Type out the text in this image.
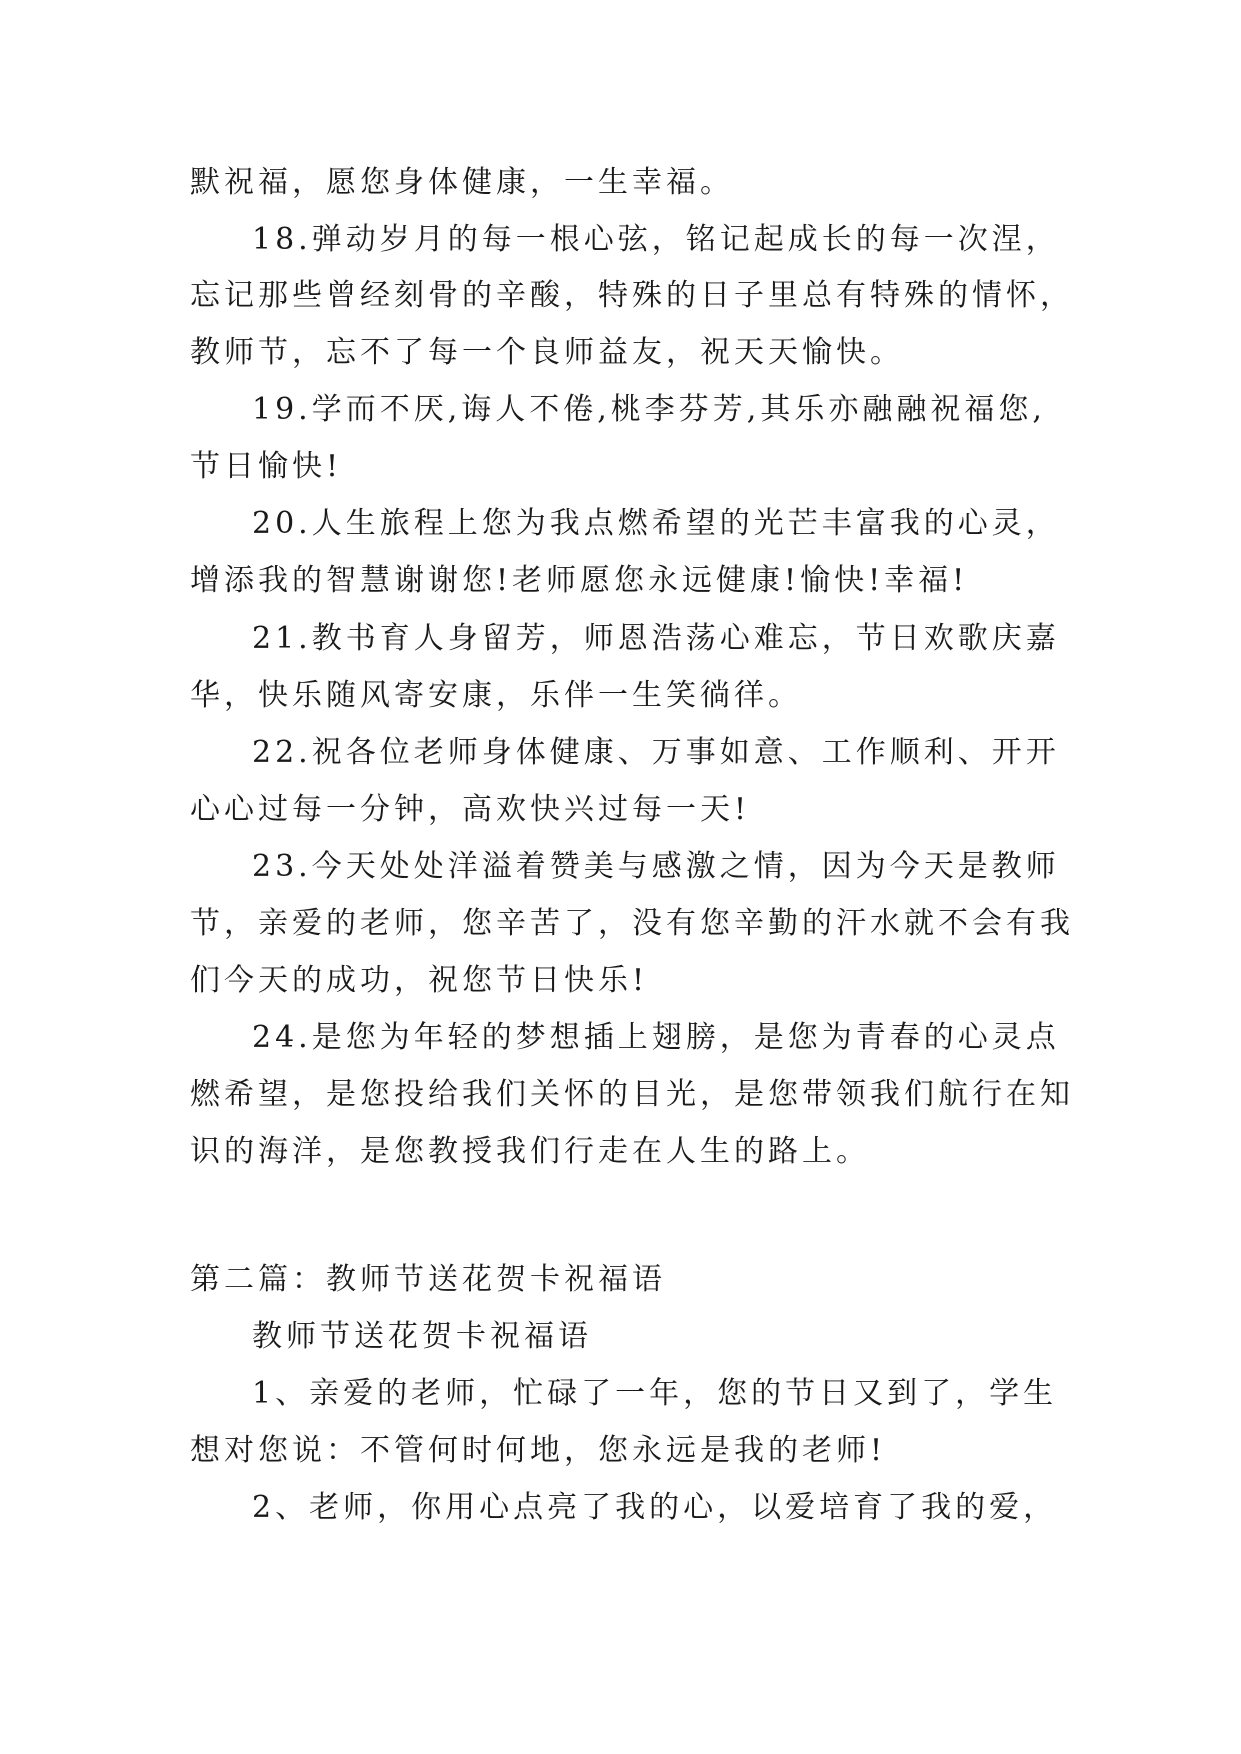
默祝福，愿您身体健康，一生幸福。
18.弹动岁月的每一根心弦，铭记起成长的每一次涅，
忘记那些曾经刻骨的辛酸，特殊的日子里总有特殊的情怀，
教师节，忘不了每一个良师益友，祝天天愉快。
19.学而不厌,诲人不倦,桃李芬芳,其乐亦融融祝福您,
节日愉快!
20.人生旅程上您为我点燃希望的光芒丰富我的心灵，
增添我的智慧谢谢您!老师愿您永远健康!愉快!幸福!
21.教书育人身留芳，师恩浩荡心难忘，节日欢歌庆嘉
华，快乐随风寄安康，乐伴一生笑徜徉。
22.祝各位老师身体健康、万事如意、工作顺利、开开
心心过每一分钟，高欢快兴过每一天!
23.今天处处洋溢着赞美与感激之情，因为今天是教师
节，亲爱的老师，您辛苦了，没有您辛勤的汗水就不会有我
们今天的成功，祝您节日快乐!
24.是您为年轻的梦想插上翅膀，是您为青春的心灵点
燃希望，是您投给我们关怀的目光，是您带领我们航行在知
识的海洋，是您教授我们行走在人生的路上。
第二篇：教师节送花贺卡祝福语
教师节送花贺卡祝福语
1、亲爱的老师，忙碌了一年，您的节日又到了，学生
想对您说：不管何时何地，您永远是我的老师!
2、老师，你用心点亮了我的心，以爱培育了我的爱，
